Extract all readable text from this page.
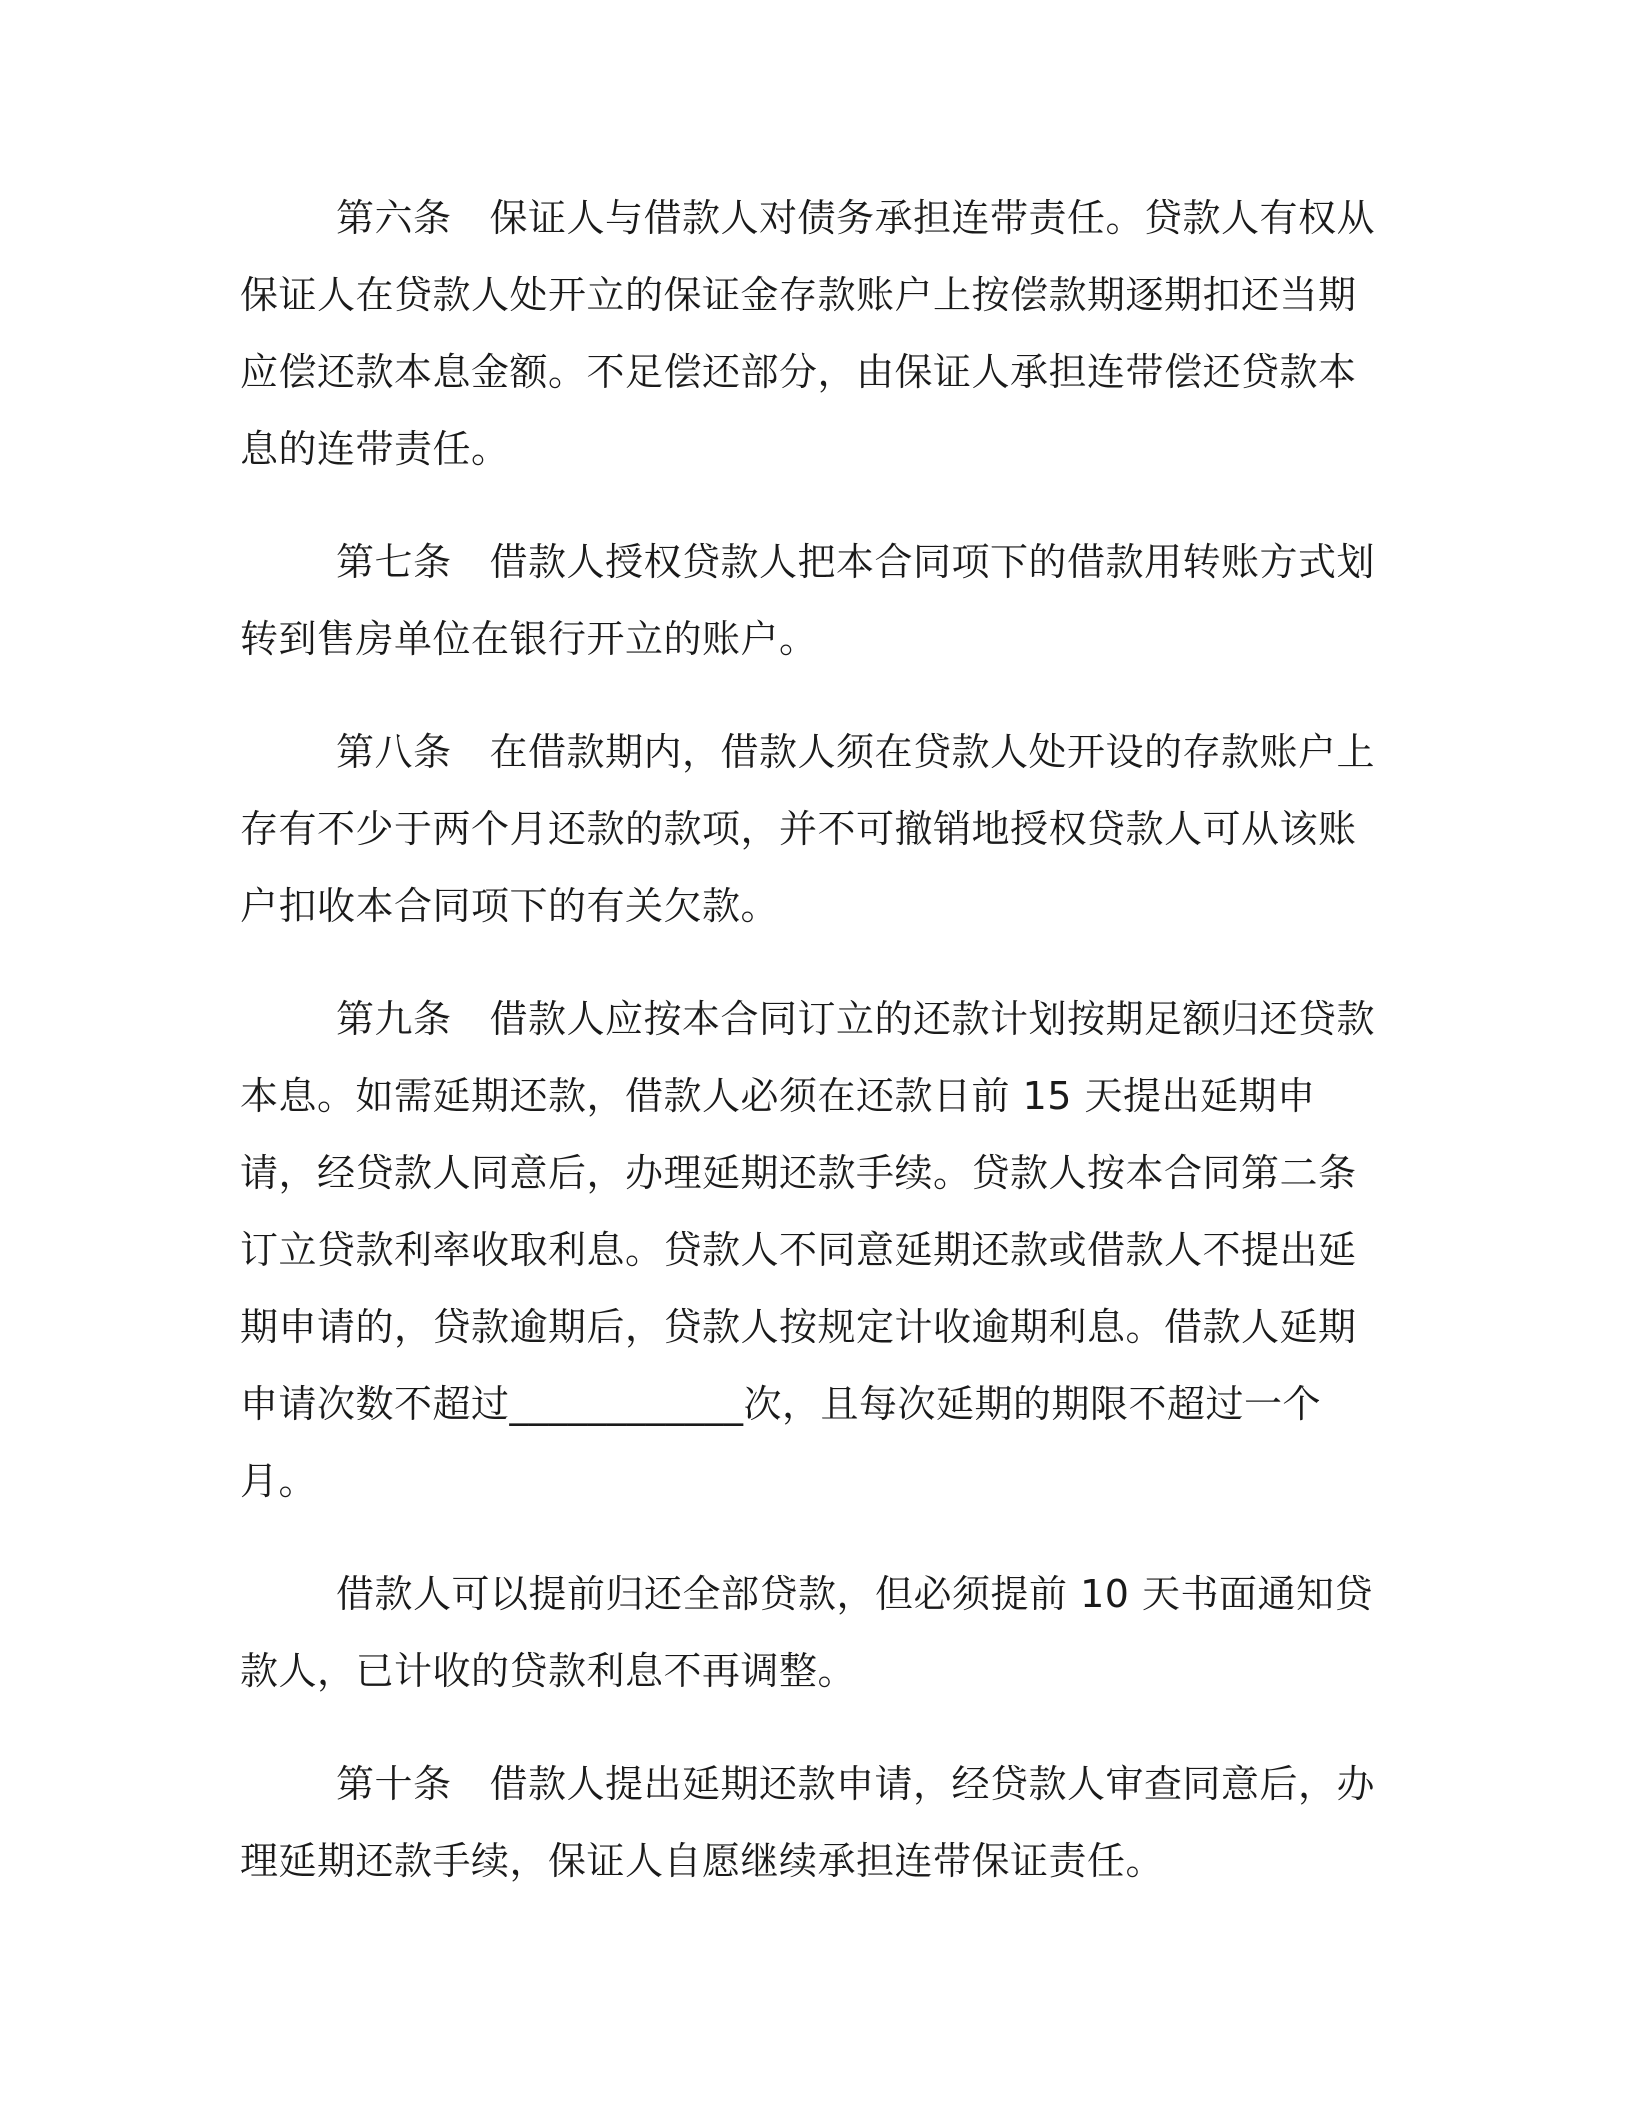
第六条 保证人与借款人对债务承担连带责任。贷款人有权从保证人在贷款人处开立的保证金存款账户上按偿款期逐期扣还当期应偿还款本息金额。不足偿还部分，由保证人承担连带偿还贷款本息的连带责任。

第七条 借款人授权贷款人把本合同项下的借款用转账方式划转到售房单位在银行开立的账户。

第八条 在借款期内，借款人须在贷款人处开设的存款账户上存有不少于两个月还款的款项，并不可撤销地授权贷款人可从该账户扣收本合同项下的有关欠款。

第九条 借款人应按本合同订立的还款计划按期足额归还贷款本息。如需延期还款，借款人必须在还款日前 15 天提出延期申请，经贷款人同意后，办理延期还款手续。贷款人按本合同第二条订立贷款利率收取利息。贷款人不同意延期还款或借款人不提出延期申请的，贷款逾期后，贷款人按规定计收逾期利息。借款人延期申请次数不超过____________次，且每次延期的期限不超过一个月。

借款人可以提前归还全部贷款，但必须提前 10 天书面通知贷款人，已计收的贷款利息不再调整。

第十条 借款人提出延期还款申请，经贷款人审查同意后，办理延期还款手续，保证人自愿继续承担连带保证责任。
